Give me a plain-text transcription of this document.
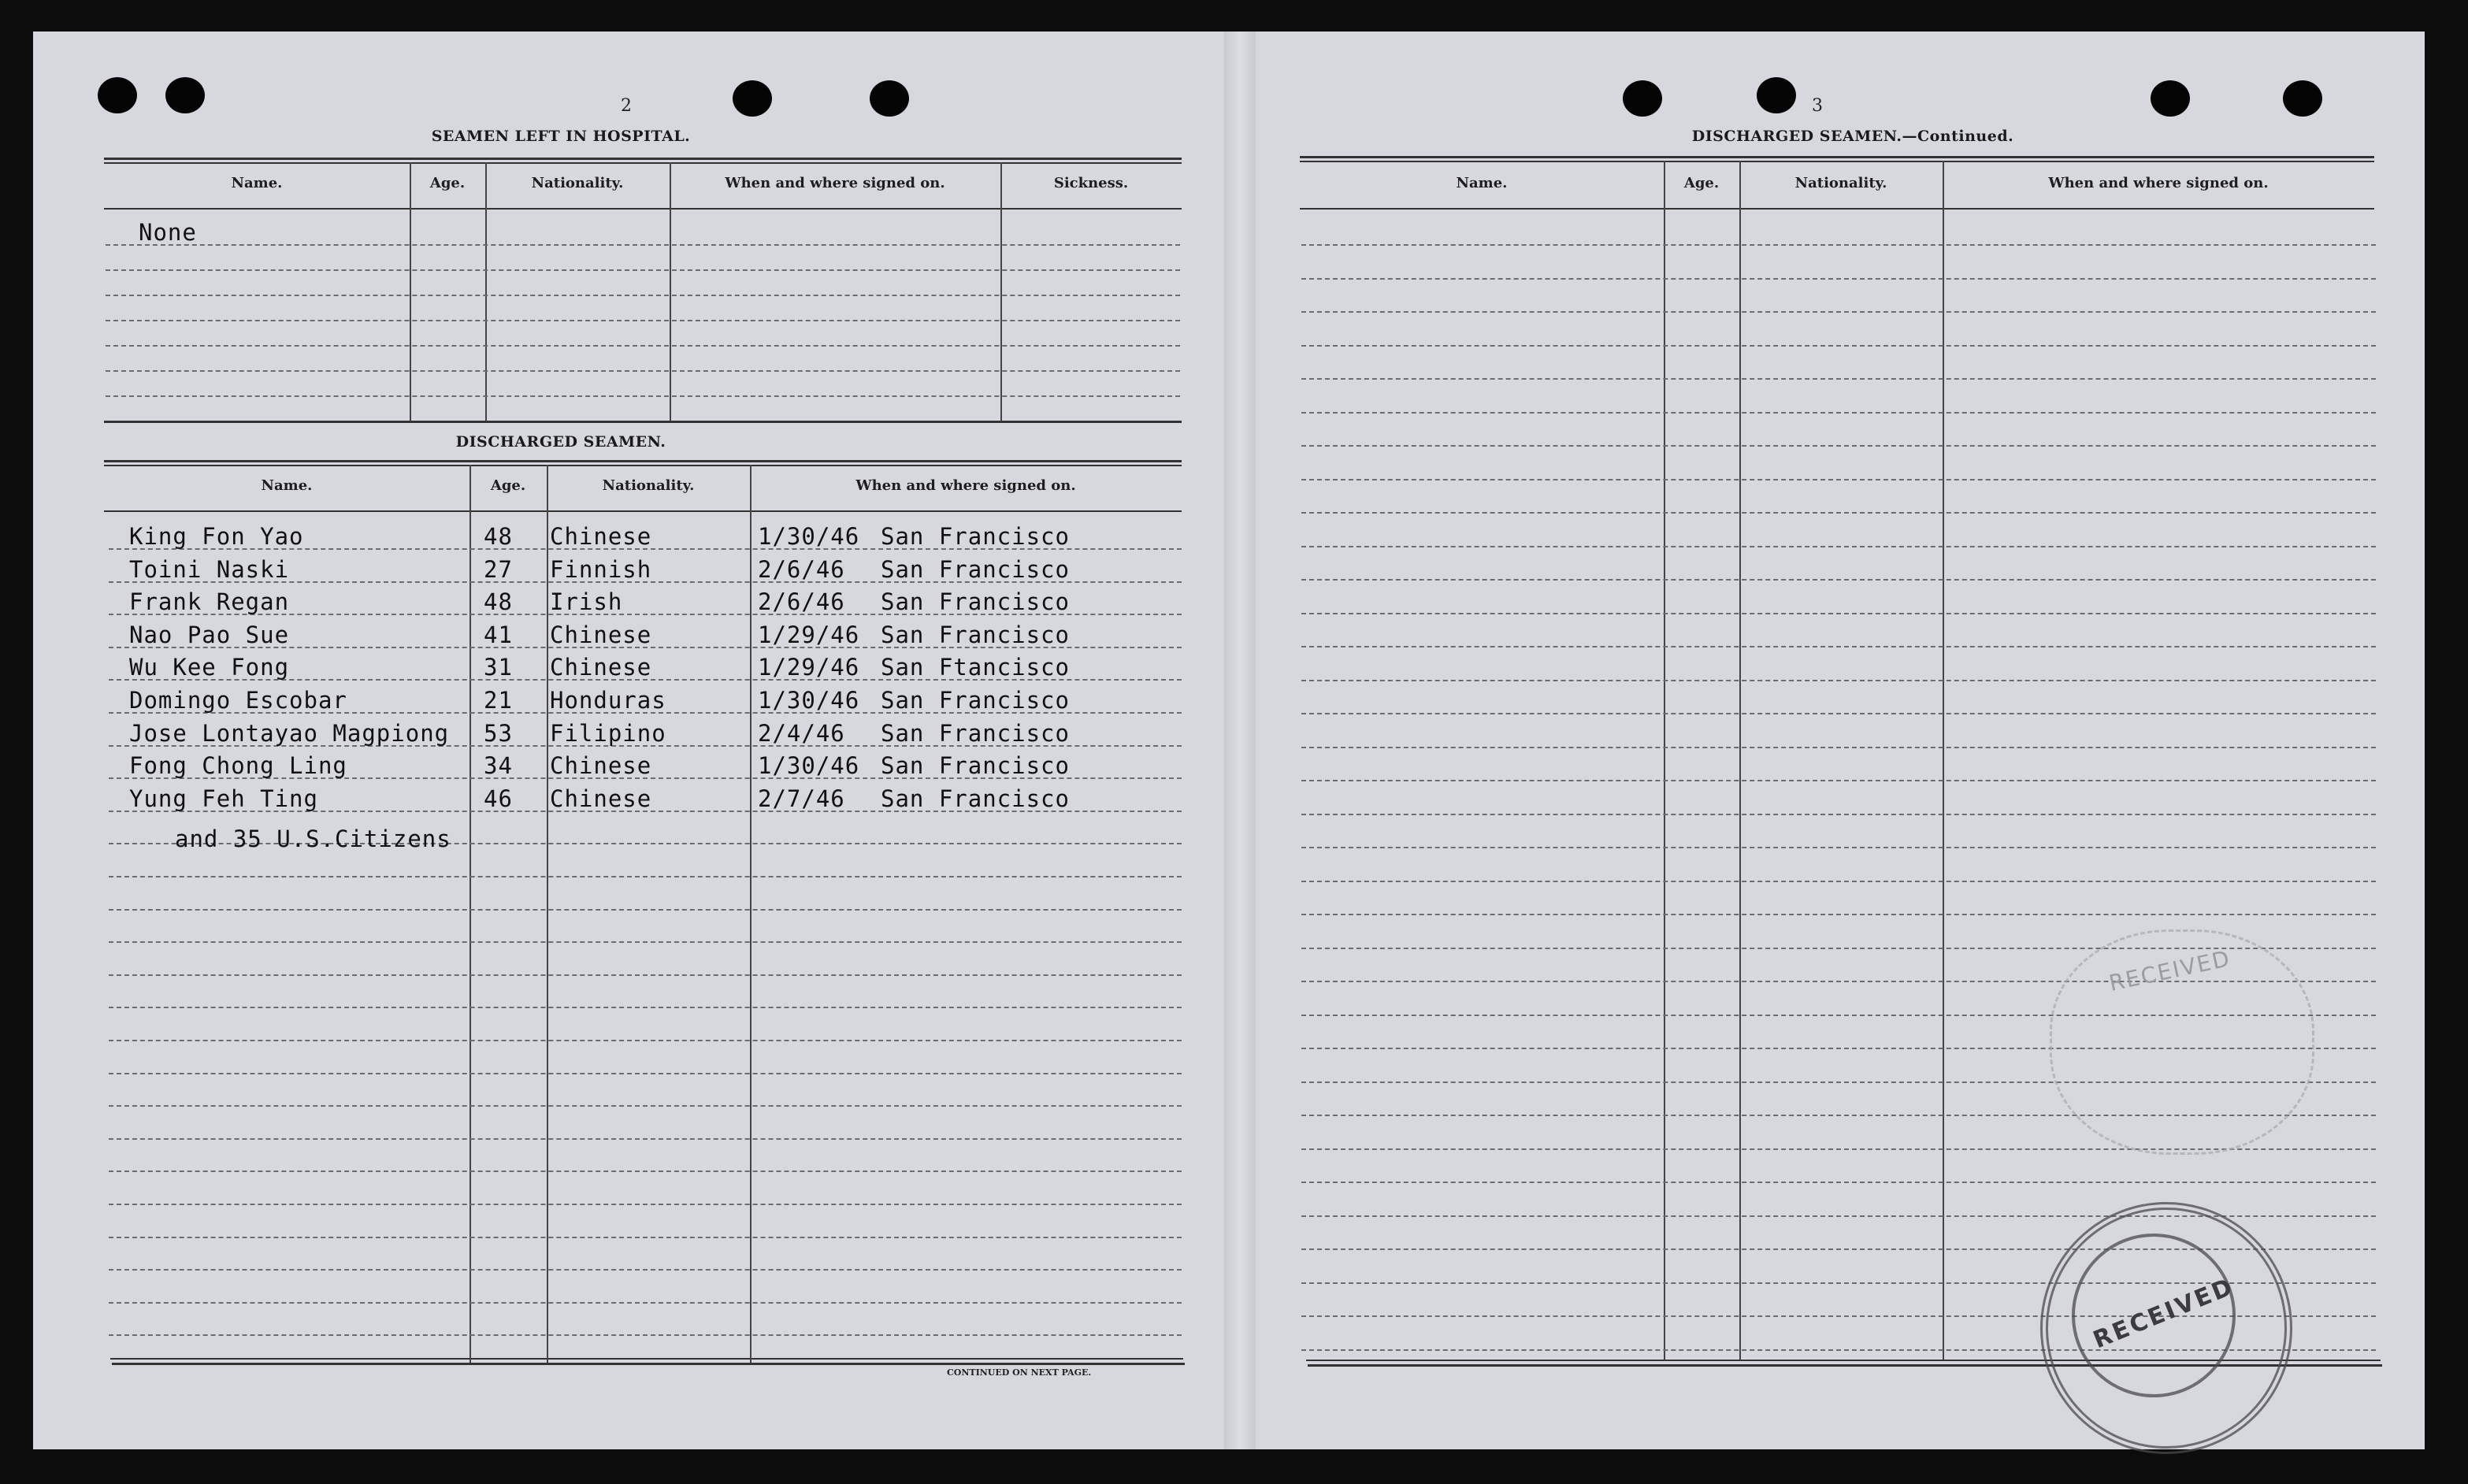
2
SEAMEN LEFT IN HOSPITAL.
Name.	Age.	Nationality.	When and where signed on.	Sickness.
None
DISCHARGED SEAMEN.
Name.	Age.	Nationality.	When and where signed on.
King Fon Yao	48 Chinese	1/30/46 San Francisco
Toini Naski	27 Finnish	2/6/46 San Francisco
Frank Regan	48 Irish	2/6/46 San Francisco
Nao Pao Sue	41 Chinese	1/29/46 San Francisco
Wu Kee Fong	31 Chinese	1/29/46 San Ftancisco
Domingo Escobar	21 Honduras	1/30/46 San Francisco
Jose Lontayao Magpiong 53 Filipino	2/4/46 San Francisco
Fong Chong Ling	34 Chinese	1/30/46 San Francisco
Yung Feh Ting	46 Chinese	2/7/46 San Francisco
and 35 U.S.Citizens
CONTINUED ON NEXT PAGE.
3
DISCHARGED SEAMEN.—Continued.
Name.	Age.	Nationality.	When and where signed on.
RECEIVED
RECEIVED
